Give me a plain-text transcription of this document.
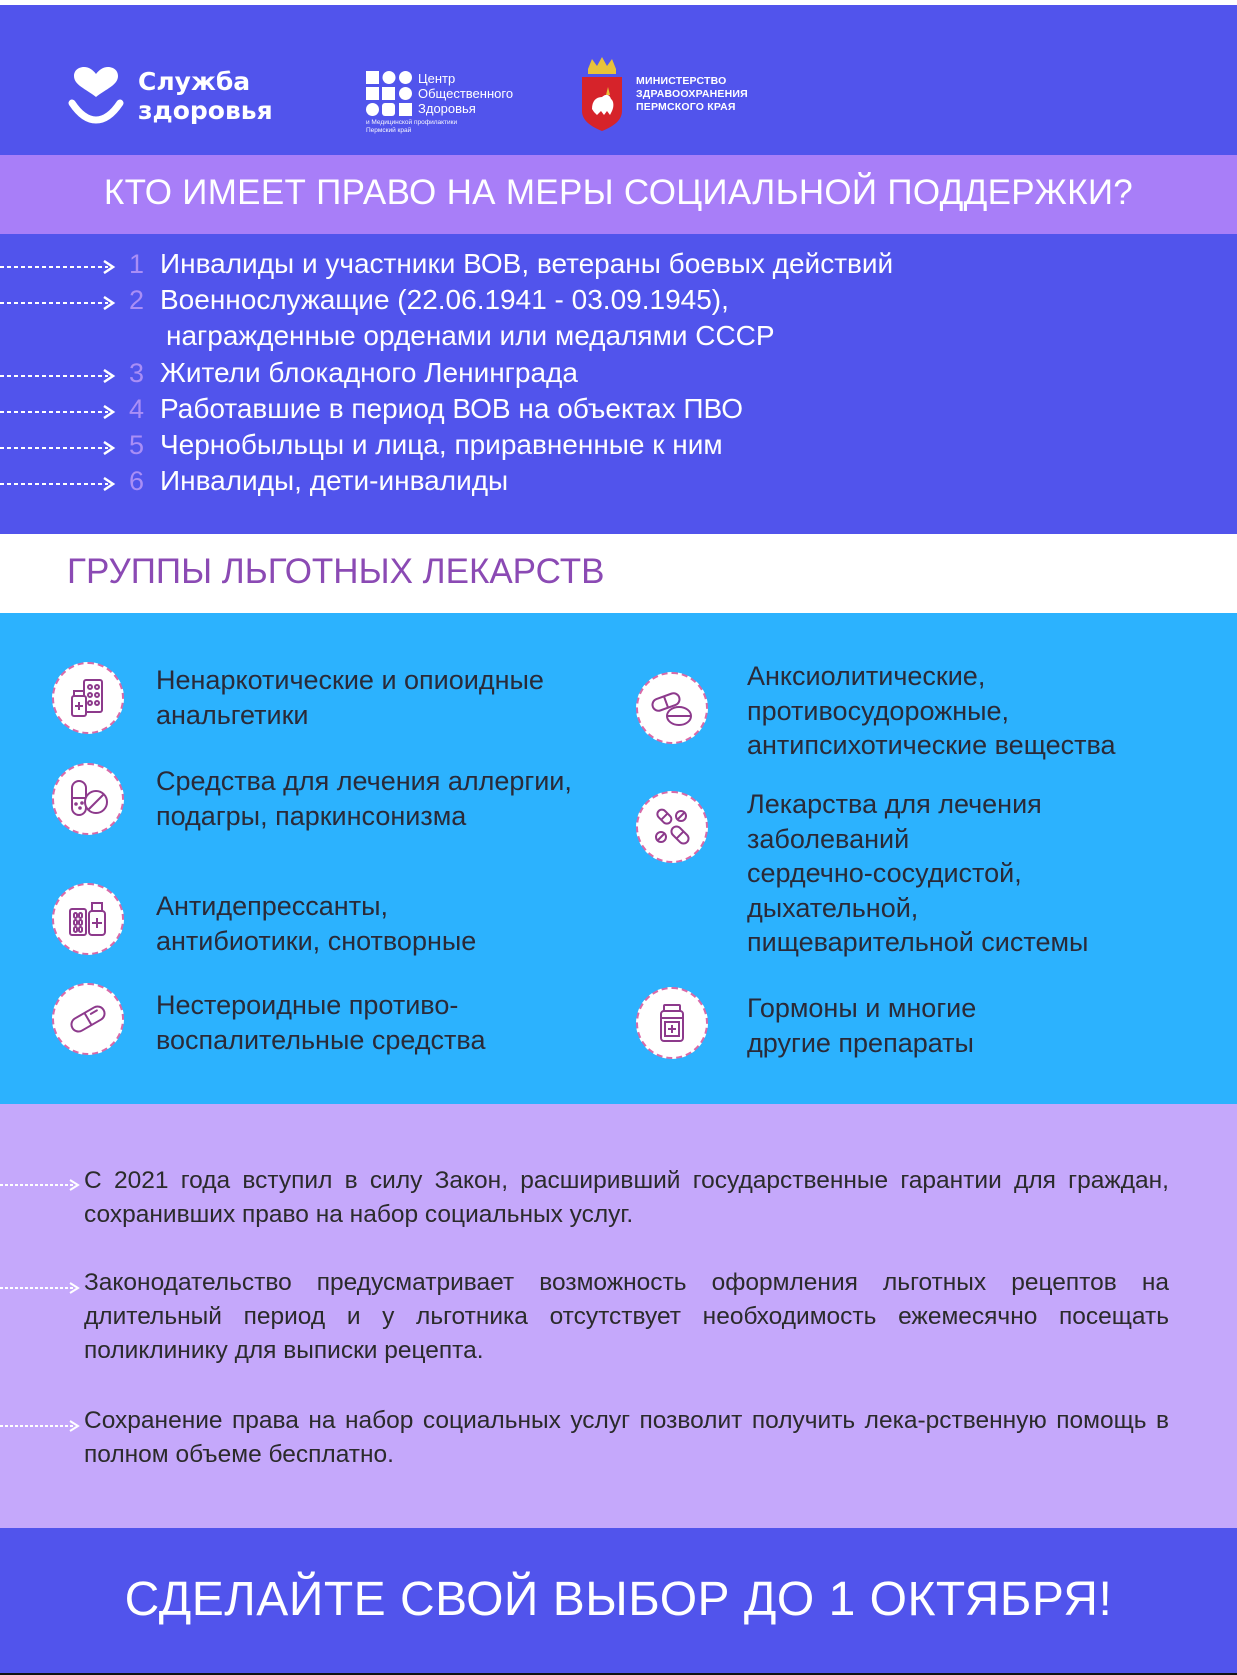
Служба
здоровья
Центр
Общественного
Здоровья
и Медицинской профилактики
Пермский край
МИНИСТЕРСТВО
ЗДРАВООХРАНЕНИЯ
ПЕРМСКОГО КРАЯ
КТО ИМЕЕТ ПРАВО НА МЕРЫ СОЦИАЛЬНОЙ ПОДДЕРЖКИ?
1 Инвалиды и участники ВОВ, ветераны боевых действий
2 Военнослужащие (22.06.1941 - 03.09.1945),
награжденные орденами или медалями СССР
3 Жители блокадного Ленинграда
4 Работавшие в период ВОВ на объектах ПВО
5 Чернобыльцы и лица, приравненные к ним
6 Инвалиды, дети-инвалиды
ГРУППЫ ЛЬГОТНЫХ ЛЕКАРСТВ
Ненаркотические и опиоидные
анальгетики
Средства для лечения аллергии,
подагры, паркинсонизма
Антидепрессанты,
антибиотики, снотворные
Нестероидные противо-
воспалительные средства
Анксиолитические,
противосудорожные,
антипсихотические вещества
Лекарства для лечения
заболеваний
сердечно-сосудистой,
дыхательной,
пищеварительной системы
Гормоны и многие
другие препараты

С 2021 года вступил в силу Закон, расширивший государственные гарантии для граждан, сохранивших право на набор социальных услуг.

Законодательство предусматривает возможность оформления льготных рецептов на длительный период и у льготника отсутствует необходимость ежемесячно посещать поликлинику для выписки рецепта.

Сохранение права на набор социальных услуг позволит получить лека-рственную помощь в полном объеме бесплатно.

СДЕЛАЙТЕ СВОЙ ВЫБОР ДО 1 ОКТЯБРЯ!
